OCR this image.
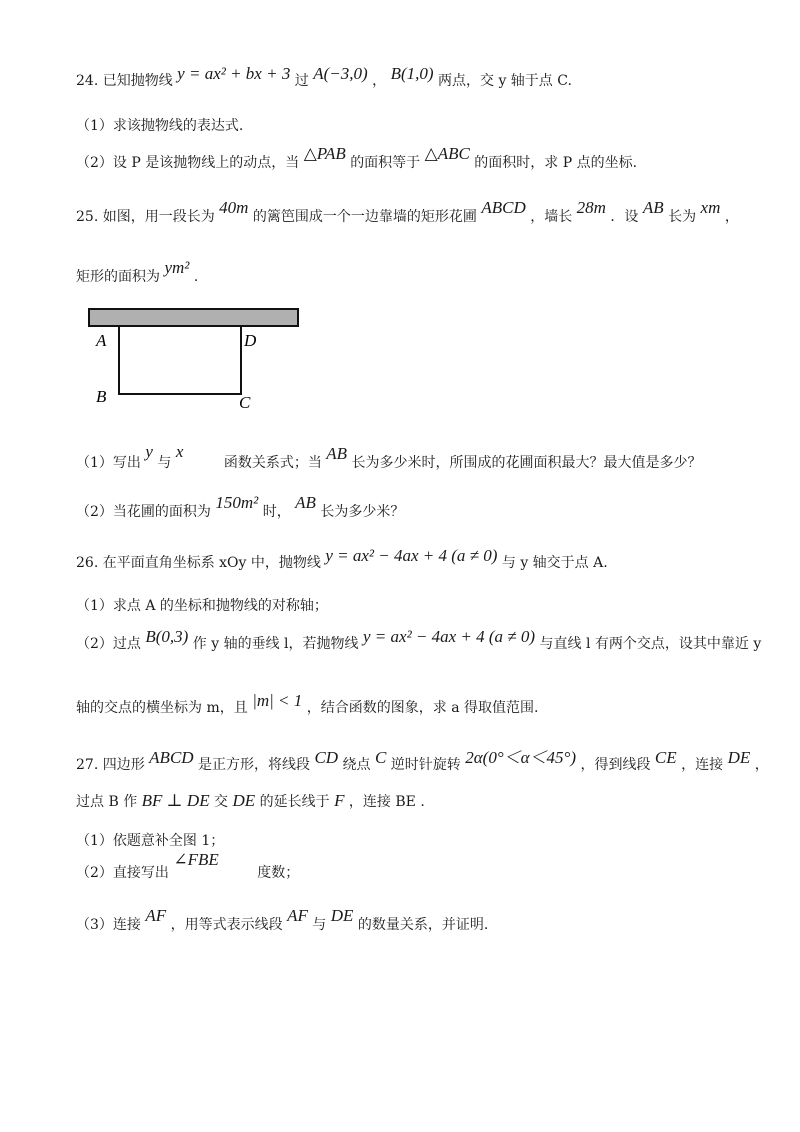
24. 已知抛物线 y = ax² + bx + 3 过 A(−3,0) ， B(1,0) 两点，交 y 轴于点 C.
（1）求该抛物线的表达式.
（2）设 P 是该抛物线上的动点，当 △PAB 的面积等于 △ABC 的面积时，求 P 点的坐标.
25. 如图，用一段长为 40m 的篱笆围成一个一边靠墙的矩形花圃 ABCD ，墙长 28m ．设 AB 长为 xm ，
矩形的面积为 ym² .
A	D
B	C
（1）写出 y 与 x 函数关系式；当 AB 长为多少米时，所围成的花圃面积最大？最大值是多少？
（2）当花圃的面积为 150m² 时， AB 长为多少米？
26. 在平面直角坐标系 xOy 中，抛物线 y = ax² − 4ax + 4 (a ≠ 0) 与 y 轴交于点 A.
（1）求点 A 的坐标和抛物线的对称轴；
（2）过点 B(0,3) 作 y 轴的垂线 l，若抛物线 y = ax² − 4ax + 4 (a ≠ 0) 与直线 l 有两个交点，设其中靠近 y
轴的交点的横坐标为 m，且 |m| < 1 ，结合函数的图象，求 a 得取值范围.
27. 四边形 ABCD 是正方形，将线段 CD 绕点 C 逆时针旋转 2α(0°＜α＜45°) ，得到线段 CE ，连接 DE ，
过点 B 作 BF ⊥ DE 交 DE 的延长线于 F ，连接 BE .
（1）依题意补全图 1；
（2）直接写出 ∠FBE 度数；
（3）连接 AF ，用等式表示线段 AF 与 DE 的数量关系，并证明.
